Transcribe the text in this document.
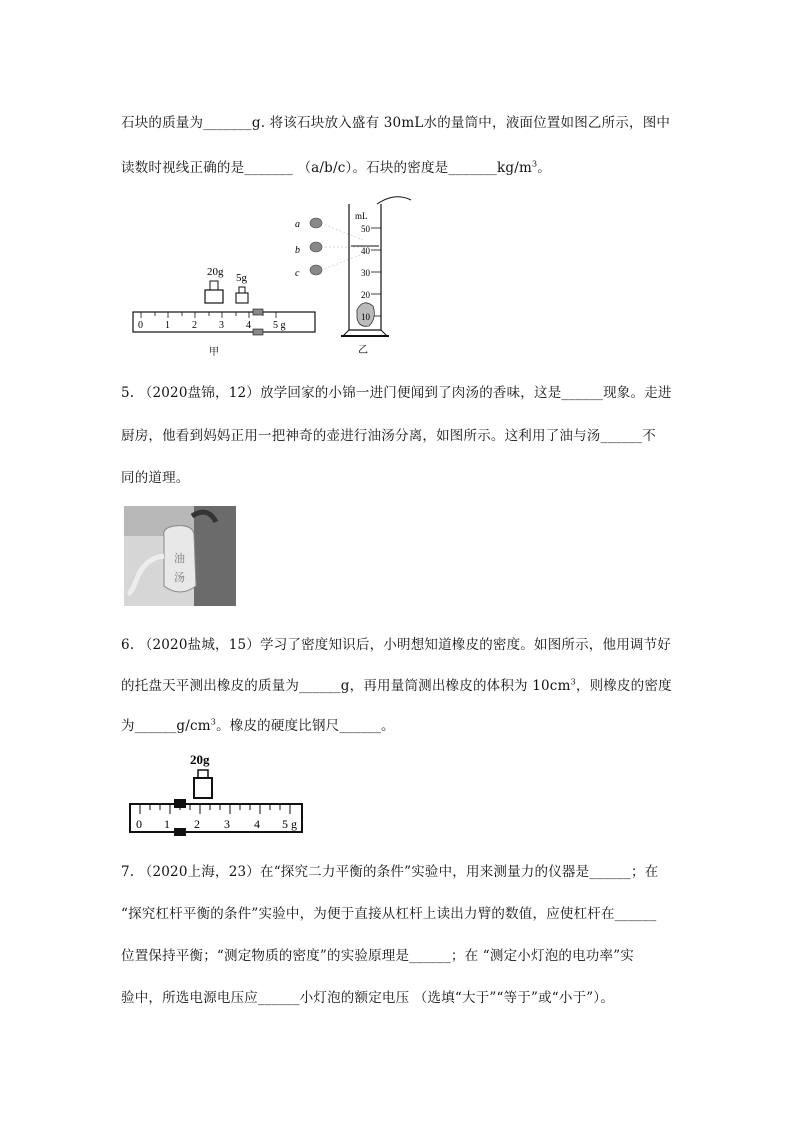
石块的质量为_______g. 将该石块放入盛有 30mL水的量筒中，液面位置如图乙所示，图中
读数时视线正确的是_______ （a/b/c）。石块的密度是$\_\_\_\_\_\_\_kg/m^3$。
0 1 2 3 4 5 g
20g 5g
甲
a
b
c
mL
50
40
30
20
10
乙
5. （2020盘锦，12）放学回家的小锦一进门便闻到了肉汤的香味，这是______现象。走进
厨房，他看到妈妈正用一把神奇的壶进行油汤分离，如图所示。这利用了油与汤______不
同的道理。
油
汤
6. （2020盐城，15）学习了密度知识后，小明想知道橡皮的密度。如图所示，他用调节好
的托盘天平测出橡皮的质量为______g，再用量筒测出橡皮的体积为 $10cm^3$，则橡皮的密度
为$\_\_\_\_\_\_g/cm^3$。橡皮的硬度比钢尺______。
20g
0 1 2 3 4 5 g
7. （2020上海，23）在“探究二力平衡的条件”实验中，用来测量力的仪器是______；在
“探究杠杆平衡的条件”实验中，为便于直接从杠杆上读出力臂的数值，应使杠杆在______
位置保持平衡；“测定物质的密度”的实验原理是______；在 “测定小灯泡的电功率”实
验中，所选电源电压应______小灯泡的额定电压 （选填“大于”“等于”或“小于”）。
